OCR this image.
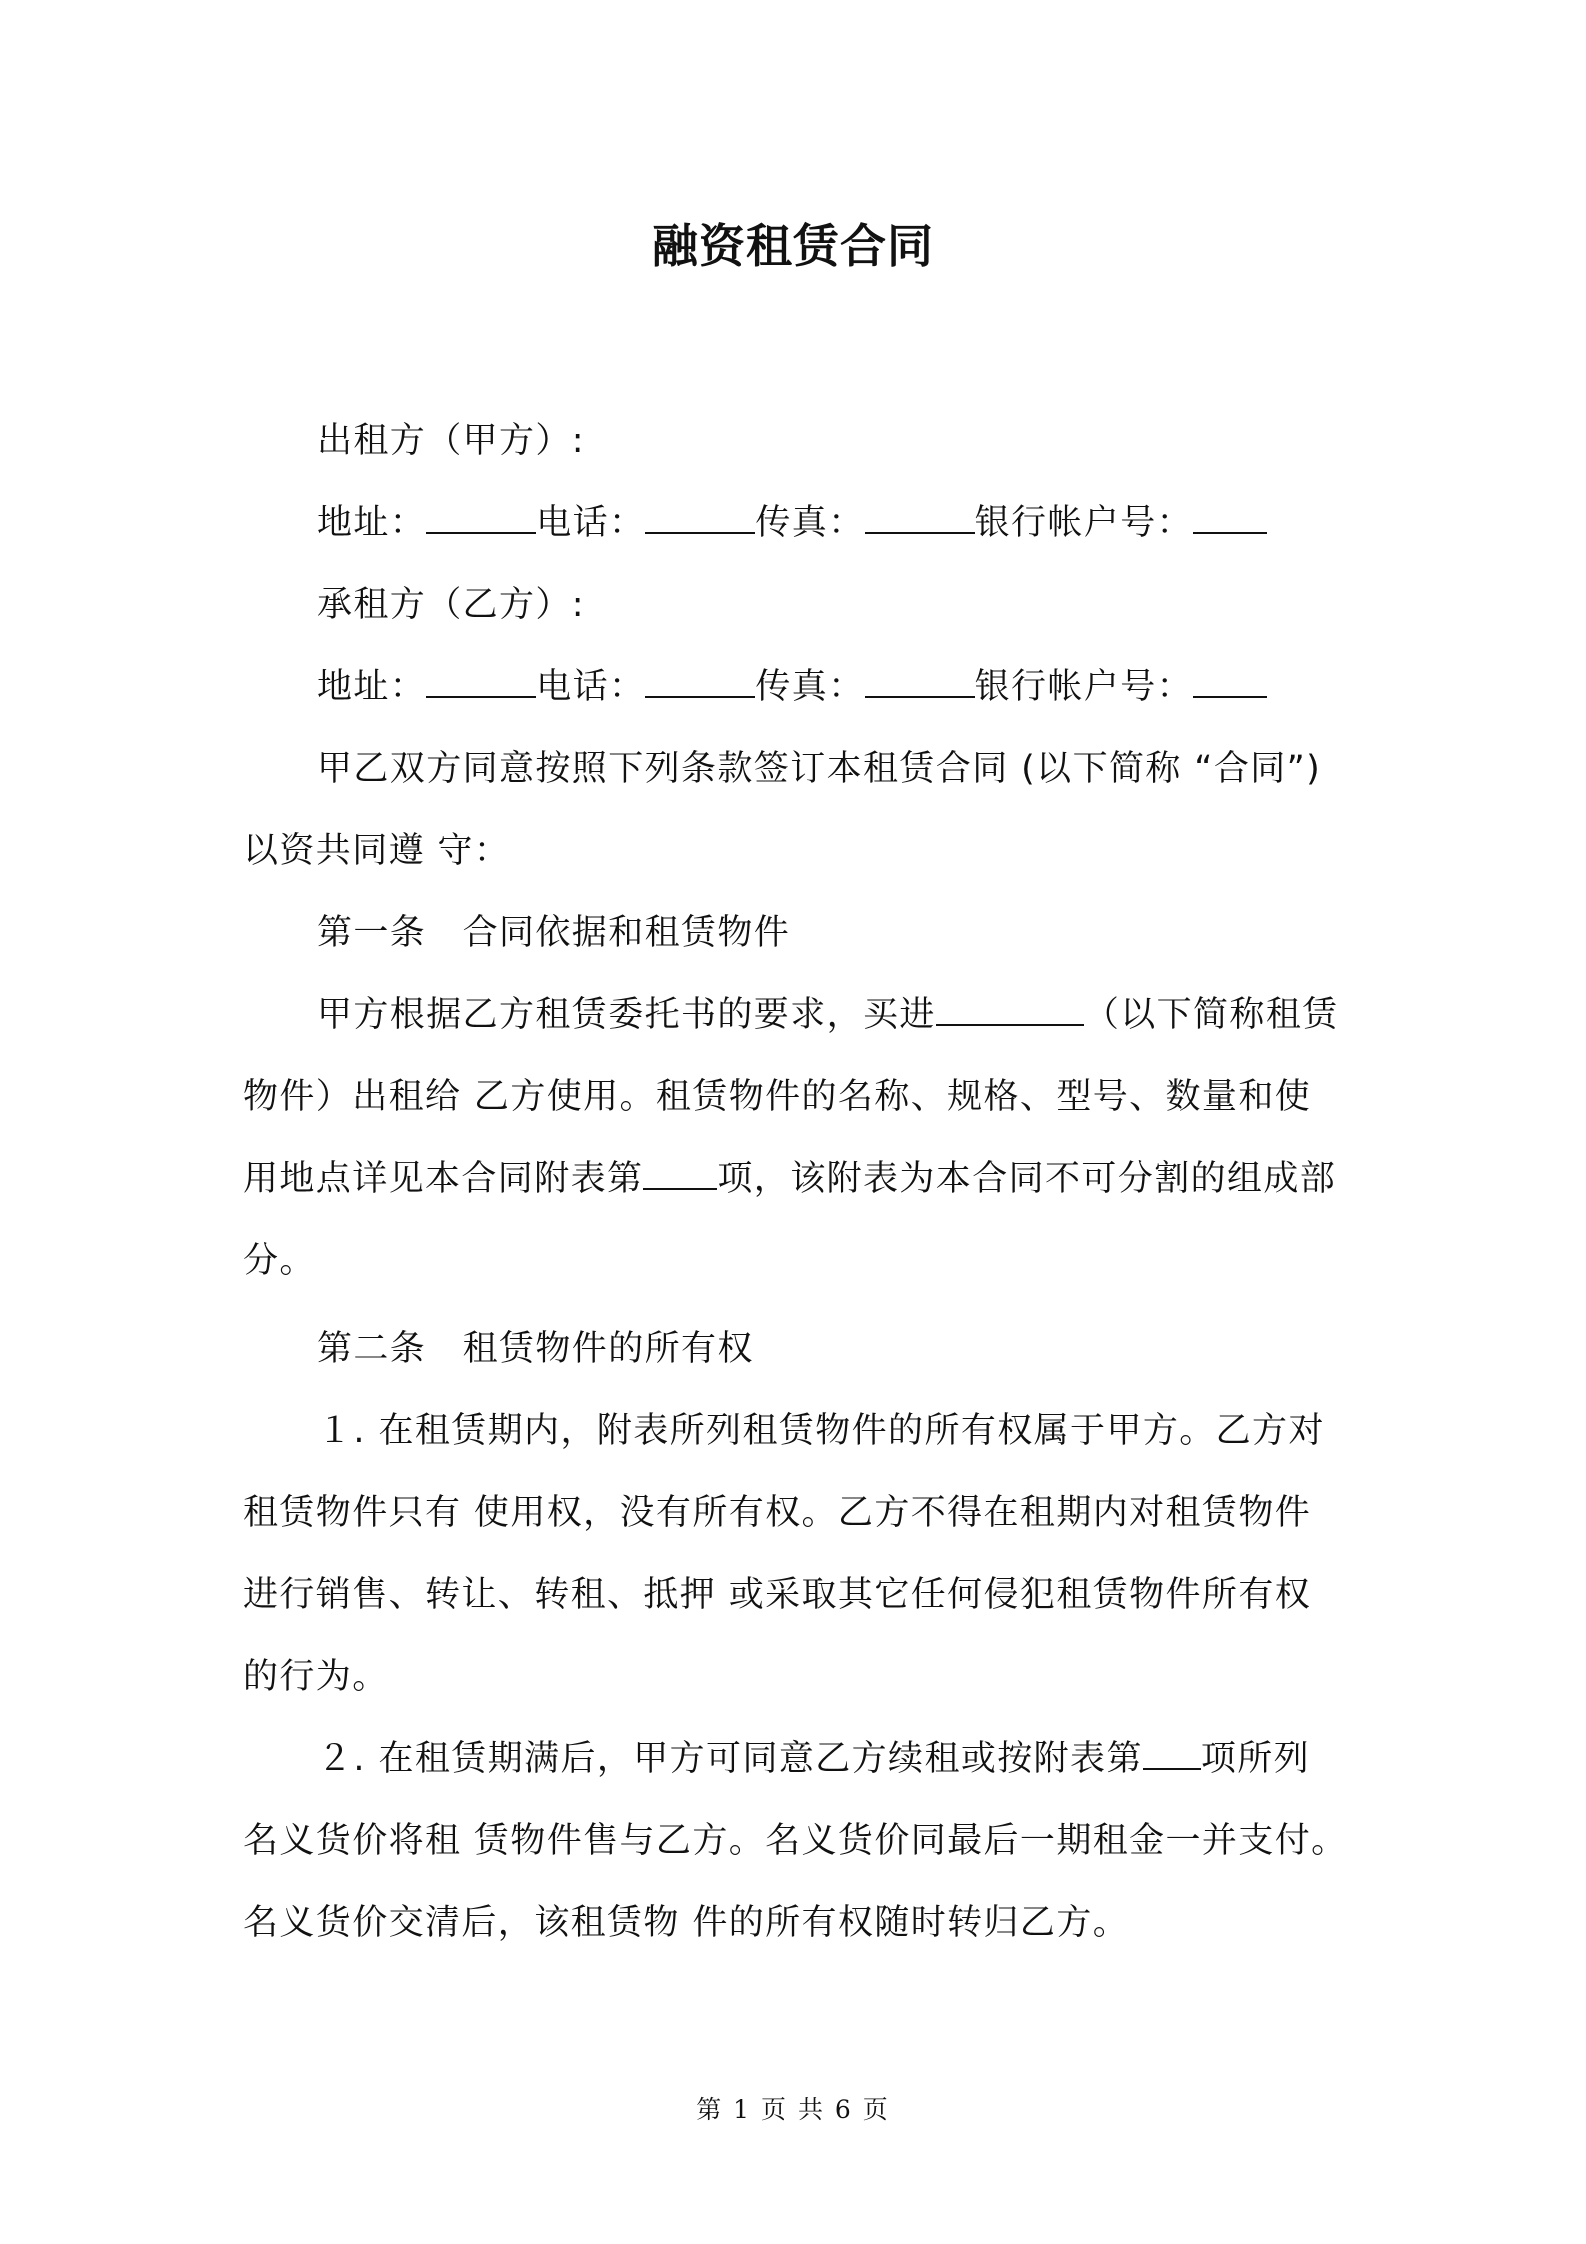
融资租赁合同
出租方（甲方）:
地址：	电话：	传真：	银行帐户号：
承租方（乙方）:
地址：	电话：	传真：	银行帐户号：
甲乙双方同意按照下列条款签订本租赁合同 (以下简称 “合同”)
以资共同遵 守：
第一条　合同依据和租赁物件
甲方根据乙方租赁委托书的要求，买进	（以下简称租赁
物件）出租给 乙方使用。租赁物件的名称、规格、型号、数量和使
用地点详见本合同附表第 项，该附表为本合同不可分割的组成部
分。
第二条　租赁物件的所有权
１. 在租赁期内，附表所列租赁物件的所有权属于甲方。乙方对
租赁物件只有 使用权，没有所有权。乙方不得在租期内对租赁物件
进行销售、转让、转租、抵押 或采取其它任何侵犯租赁物件所有权
的行为。
２. 在租赁期满后，甲方可同意乙方续租或按附表第 项所列
名义货价将租 赁物件售与乙方。名义货价同最后一期租金一并支付。
名义货价交清后，该租赁物 件的所有权随时转归乙方。
第 1 页 共 6 页
